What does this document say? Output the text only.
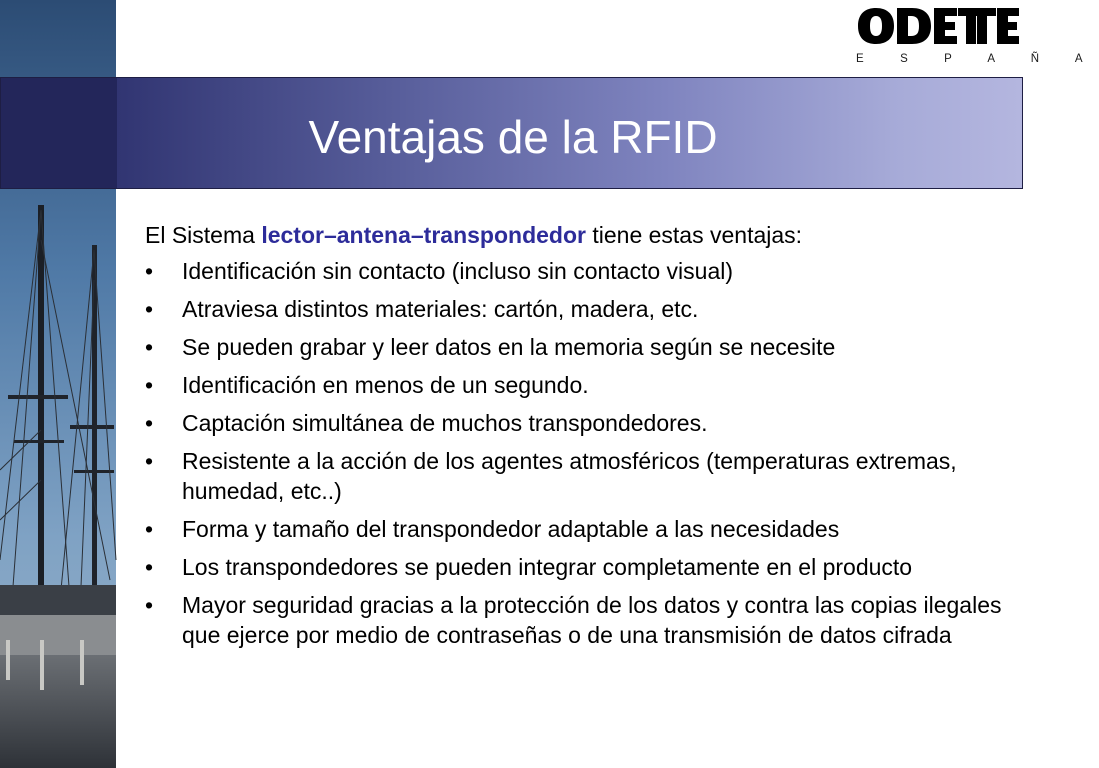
E S P A Ñ A
Ventajas de la RFID

El Sistema lector–antena–transpondedor tiene estas ventajas:

• Identificación sin contacto (incluso sin contacto visual)
• Atraviesa distintos materiales: cartón, madera, etc.
• Se pueden grabar y leer datos en la memoria según se necesite
• Identificación en menos de un segundo.
• Captación simultánea de muchos transpondedores.
• Resistente a la acción de los agentes atmosféricos (temperaturas extremas, humedad, etc..)
• Forma y tamaño del transpondedor adaptable a las necesidades
• Los transpondedores se pueden integrar completamente en el producto
• Mayor seguridad gracias a la protección de los datos y contra las copias ilegales que ejerce por medio de contraseñas o de una transmisión de datos cifrada
